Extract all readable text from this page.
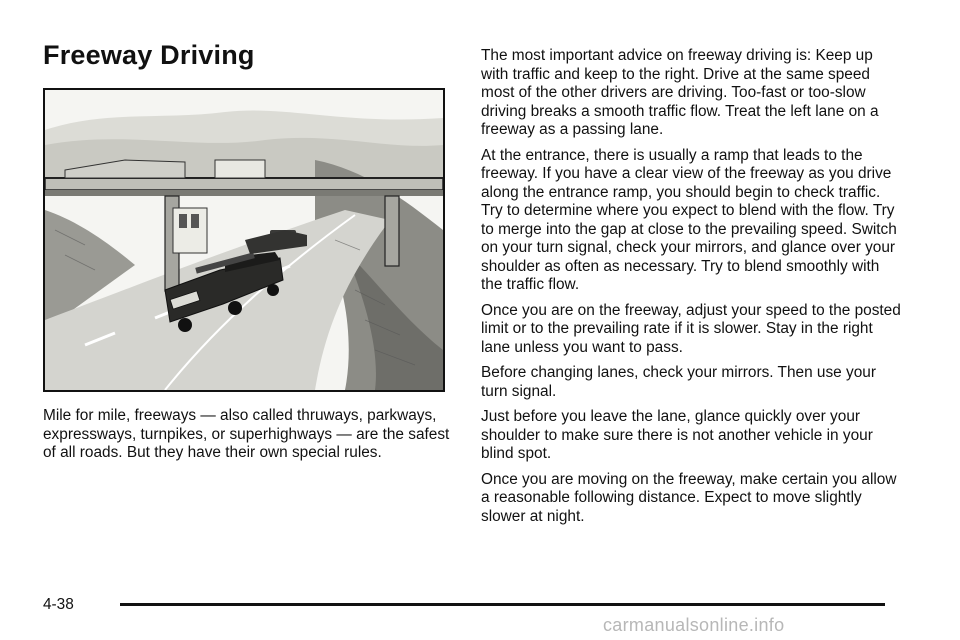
Freeway Driving

Mile for mile, freeways — also called thruways, parkways, expressways, turnpikes, or superhighways — are the safest of all roads. But they have their own special rules.

The most important advice on freeway driving is: Keep up with traffic and keep to the right. Drive at the same speed most of the other drivers are driving. Too-fast or too-slow driving breaks a smooth traffic flow. Treat the left lane on a freeway as a passing lane.

At the entrance, there is usually a ramp that leads to the freeway. If you have a clear view of the freeway as you drive along the entrance ramp, you should begin to check traffic. Try to determine where you expect to blend with the flow. Try to merge into the gap at close to the prevailing speed. Switch on your turn signal, check your mirrors, and glance over your shoulder as often as necessary. Try to blend smoothly with the traffic flow.

Once you are on the freeway, adjust your speed to the posted limit or to the prevailing rate if it is slower. Stay in the right lane unless you want to pass.

Before changing lanes, check your mirrors. Then use your turn signal.

Just before you leave the lane, glance quickly over your shoulder to make sure there is not another vehicle in your blind spot.

Once you are moving on the freeway, make certain you allow a reasonable following distance. Expect to move slightly slower at night.

4-38
carmanualsonline.info
